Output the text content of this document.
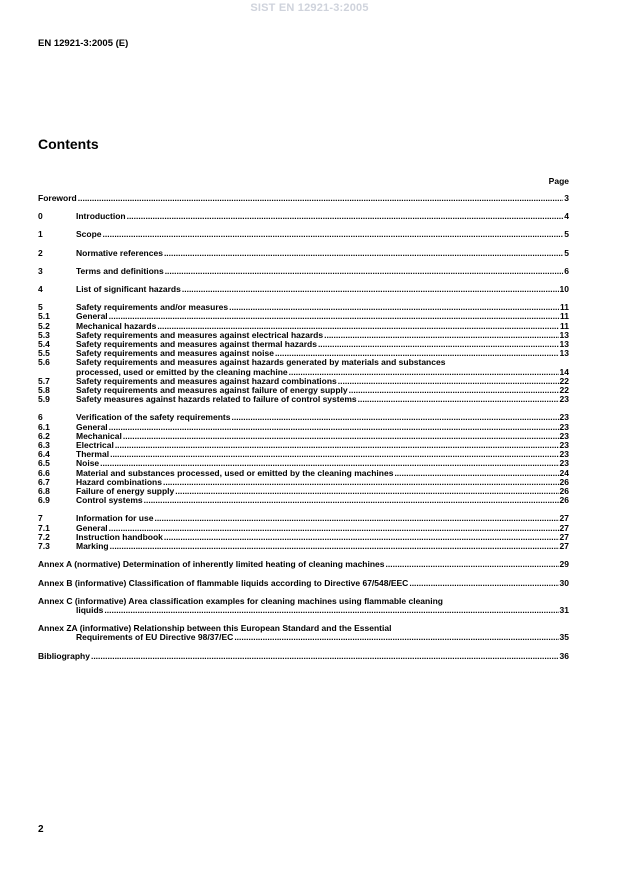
SIST EN 12921-3:2005
EN 12921-3:2005 (E)
Contents
Page
Foreword .....	3
0	Introduction .....	4
1	Scope .....	5
2	Normative references .....	5
3	Terms and definitions .....	6
4	List of significant hazards .....	10
5	Safety requirements and/or measures .....	11
5.1	General .....	11
5.2	Mechanical hazards .....	11
5.3	Safety requirements and measures against electrical hazards .....	13
5.4	Safety requirements and measures against thermal hazards .....	13
5.5	Safety requirements and measures against noise .....	13
5.6	Safety requirements and measures against hazards generated by materials and substances
processed, used or emitted by the cleaning machine .....	14
5.7	Safety requirements and measures against hazard combinations .....	22
5.8	Safety requirements and measures against failure of energy supply .....	22
5.9	Safety measures against hazards related to failure of control systems .....	23
6	Verification of the safety requirements .....	23
6.1	General .....	23
6.2	Mechanical .....	23
6.3	Electrical .....	23
6.4	Thermal .....	23
6.5	Noise .....	23
6.6	Material and substances processed, used or emitted by the cleaning machines .....	24
6.7	Hazard combinations .....	26
6.8	Failure of energy supply .....	26
6.9	Control systems .....	26
7	Information for use .....	27
7.1	General .....	27
7.2	Instruction handbook .....	27
7.3	Marking .....	27
Annex A (normative) Determination of inherently limited heating of cleaning machines .....	29
Annex B (informative) Classification of flammable liquids according to Directive 67/548/EEC .....	30
Annex C (informative) Area classification examples for cleaning machines using flammable cleaning
liquids .....	31
Annex ZA (informative) Relationship between this European Standard and the Essential
Requirements of EU Directive 98/37/EC .....	35
Bibliography .....	36
2
